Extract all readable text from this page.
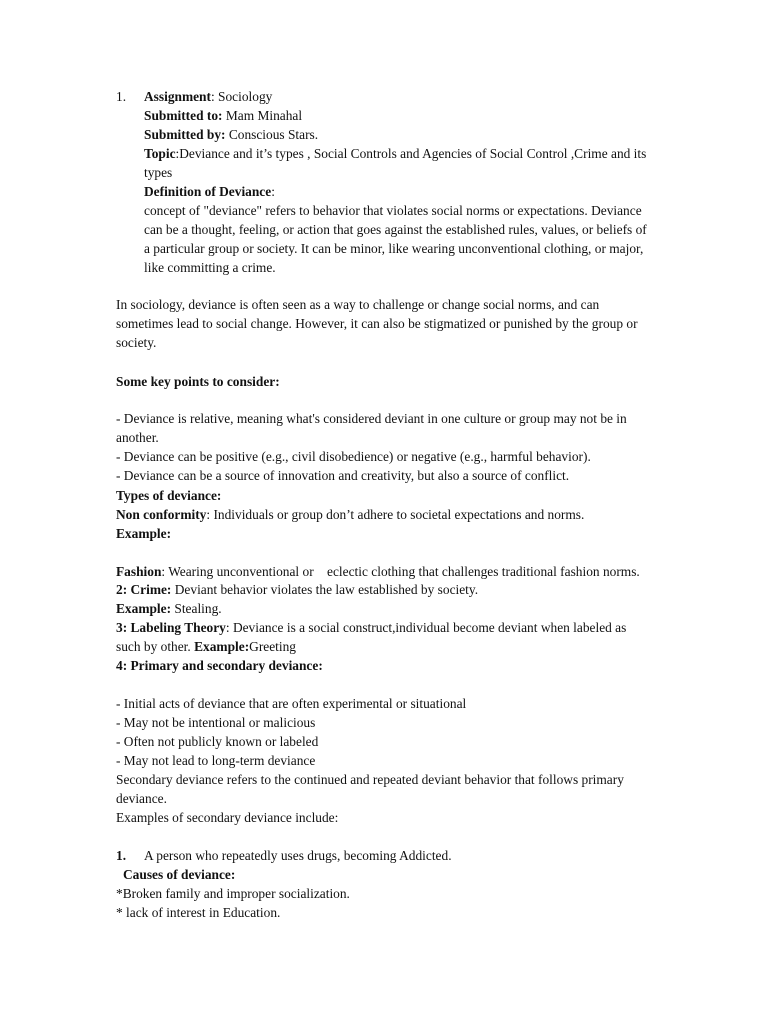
1. Assignment: Sociology
Submitted to: Mam Minahal
Submitted by: Conscious Stars.
Topic:Deviance and it’s types , Social Controls and Agencies of Social Control ,Crime and its
types
Definition of Deviance:
concept of "deviance" refers to behavior that violates social norms or expectations. Deviance
can be a thought, feeling, or action that goes against the established rules, values, or beliefs of
a particular group or society. It can be minor, like wearing unconventional clothing, or major,
like committing a crime.
In sociology, deviance is often seen as a way to challenge or change social norms, and can
sometimes lead to social change. However, it can also be stigmatized or punished by the group or
society.
Some key points to consider:
- Deviance is relative, meaning what's considered deviant in one culture or group may not be in
another.
- Deviance can be positive (e.g., civil disobedience) or negative (e.g., harmful behavior).
- Deviance can be a source of innovation and creativity, but also a source of conflict.
Types of deviance:
Non conformity: Individuals or group don’t adhere to societal expectations and norms.
Example:
Fashion: Wearing unconventional or    eclectic clothing that challenges traditional fashion norms.
2: Crime: Deviant behavior violates the law established by society.
Example: Stealing.
3: Labeling Theory: Deviance is a social construct,individual become deviant when labeled as
such by other. Example:Greeting
4: Primary and secondary deviance:
- Initial acts of deviance that are often experimental or situational
- May not be intentional or malicious
- Often not publicly known or labeled
- May not lead to long-term deviance
Secondary deviance refers to the continued and repeated deviant behavior that follows primary
deviance.
Examples of secondary deviance include:
1. A person who repeatedly uses drugs, becoming Addicted.
Causes of deviance:
*Broken family and improper socialization.
* lack of interest in Education.
